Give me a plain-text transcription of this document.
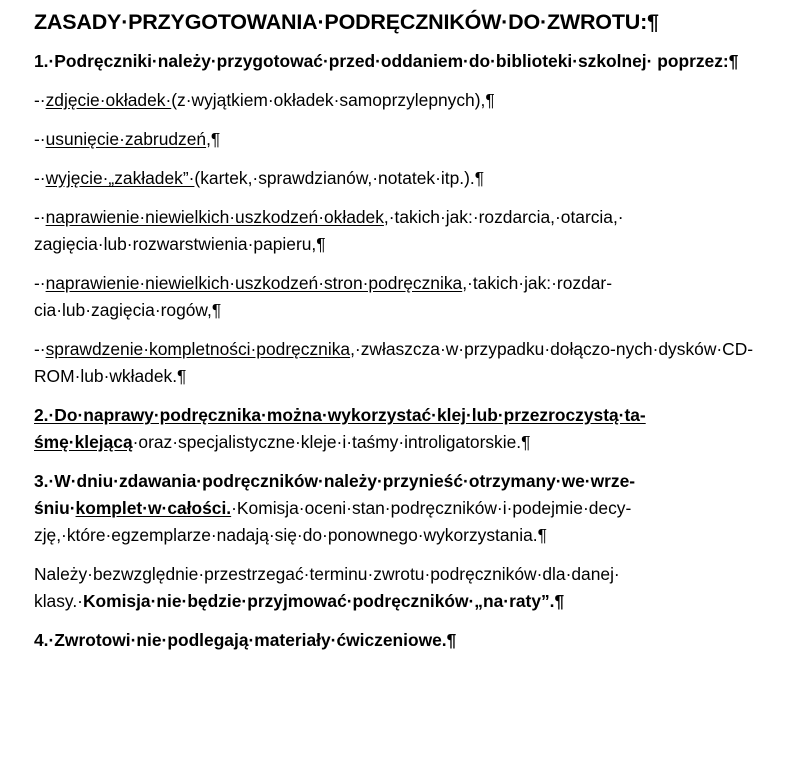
ZASADY·PRZYGOTOWANIA·PODRĘCZNIKÓW·DO·ZWROTU:¶
1.·Podręczniki·należy·przygotować·przed·oddaniem·do·biblioteki·szkolnej· poprzez:¶
-·zdjęcie·okładek·(z·wyjątkiem·okładek·samoprzylepnych),¶
-·usunięcie·zabrudzeń,¶
-·wyjęcie·„zakładek”·(kartek,·sprawdzianów,·notatek·itp.).¶
-·naprawienie·niewielkich·uszkodzeń·okładek,·takich·jak:·rozdarcia,·otarcia,· zagięcia·lub·rozwarstwienia·papieru,¶
-·naprawienie·niewielkich·uszkodzeń·stron·podręcznika,·takich·jak:·rozdar-cia·lub·zagięcia·rogów,¶
-·sprawdzenie·kompletności·podręcznika,·zwłaszcza·w·przypadku·dołączo-nych·dysków·CD-ROM·lub·wkładek.¶
2.·Do·naprawy·podręcznika·można·wykorzystać·klej·lub·przezroczystą·ta-śmę·klejącą·oraz·specjalistyczne·kleje·i·taśmy·introligatorskie.¶
3.·W·dniu·zdawania·podręczników·należy·przynieść·otrzymany·we·wrze-śniu·komplet·w·całości.·Komisja·oceni·stan·podręczników·i·podejmie·decy-zję,·które·egzemplarze·nadają·się·do·ponownego·wykorzystania.¶
Należy·bezwzględnie·przestrzegać·terminu·zwrotu·podręczników·dla·danej· klasy.·Komisja·nie·będzie·przyjmować·podręczników·„na·raty”.¶
4.·Zwrotowi·nie·podlegają·materiały·ćwiczeniowe.¶
